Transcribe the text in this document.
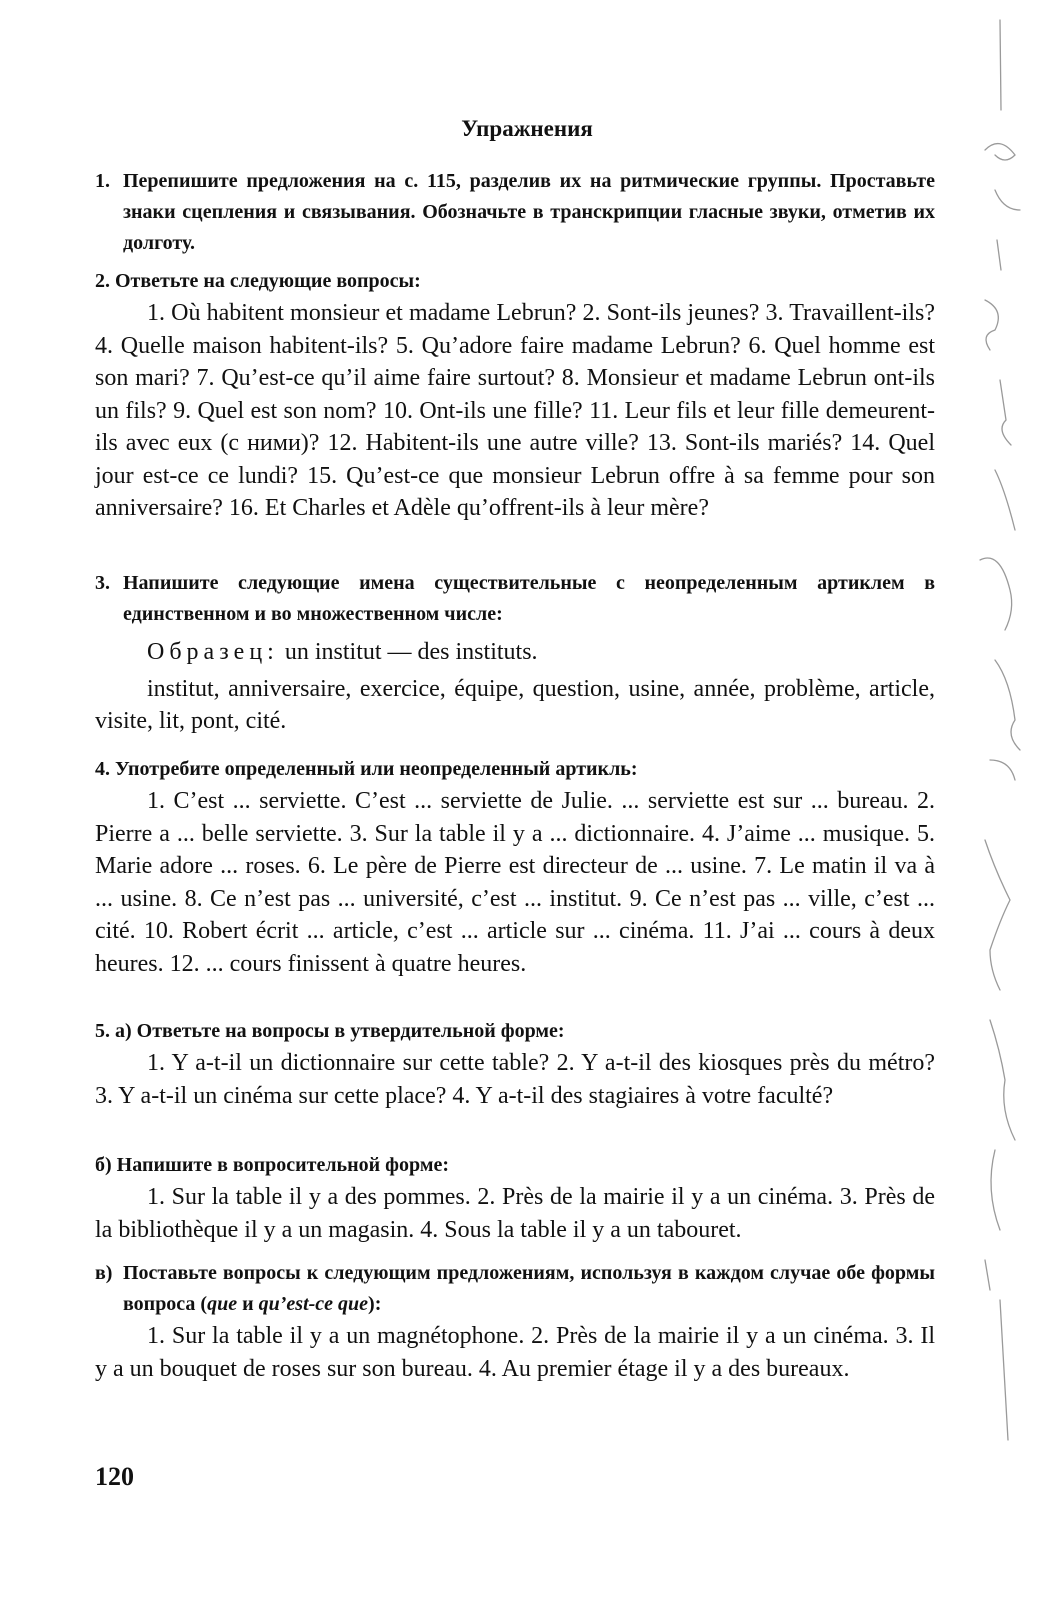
Упражнения
1. Перепишите предложения на с. 115, разделив их на ритмические группы. Проставьте знаки сцепления и связывания. Обозначьте в транскрипции гласные звуки, отметив их долготу.
2. Ответьте на следующие вопросы:

1. Où habitent monsieur et madame Lebrun? 2. Sont-ils jeunes? 3. Travaillent-ils? 4. Quelle maison habitent-ils? 5. Qu’adore faire madame Lebrun? 6. Quel homme est son mari? 7. Qu’est-ce qu’il aime faire surtout? 8. Monsieur et madame Lebrun ont-ils un fils? 9. Quel est son nom? 10. Ont-ils une fille? 11. Leur fils et leur fille demeurent-ils avec eux (с ними)? 12. Habitent-ils une autre ville? 13. Sont-ils mariés? 14. Quel jour est-ce ce lundi? 15. Qu’est-ce que monsieur Lebrun offre à sa femme pour son anniversaire? 16. Et Charles et Adèle qu’offrent-ils à leur mère?

3. Напишите следующие имена существительные с неопределенным артиклем в единственном и во множественном числе:

Образец: un institut — des instituts.

institut, anniversaire, exercice, équipe, question, usine, année, problème, article, visite, lit, pont, cité.

4. Употребите определенный или неопределенный артикль:

1. C’est ... serviette. C’est ... serviette de Julie. ... serviette est sur ... bureau. 2. Pierre a ... belle serviette. 3. Sur la table il y a ... dictionnaire. 4. J’aime ... musique. 5. Marie adore ... roses. 6. Le père de Pierre est directeur de ... usine. 7. Le matin il va à ... usine. 8. Ce n’est pas ... université, c’est ... institut. 9. Ce n’est pas ... ville, c’est ... cité. 10. Robert écrit ... article, c’est ... article sur ... cinéma. 11. J’ai ... cours à deux heures. 12. ... cours finissent à quatre heures.

5. а) Ответьте на вопросы в утвердительной форме:

1. Y a-t-il un dictionnaire sur cette table? 2. Y a-t-il des kiosques près du métro? 3. Y a-t-il un cinéma sur cette place? 4. Y a-t-il des stagiaires à votre faculté?

б) Напишите в вопросительной форме:

1. Sur la table il y a des pommes. 2. Près de la mairie il y a un cinéma. 3. Près de la bibliothèque il y a un magasin. 4. Sous la table il y a un tabouret.

в) Поставьте вопросы к следующим предложениям, используя в каждом случае обе формы вопроса (que и qu’est-ce que):

1. Sur la table il y a un magnétophone. 2. Près de la mairie il y a un cinéma. 3. Il y a un bouquet de roses sur son bureau. 4. Au premier étage il y a des bureaux.

120
